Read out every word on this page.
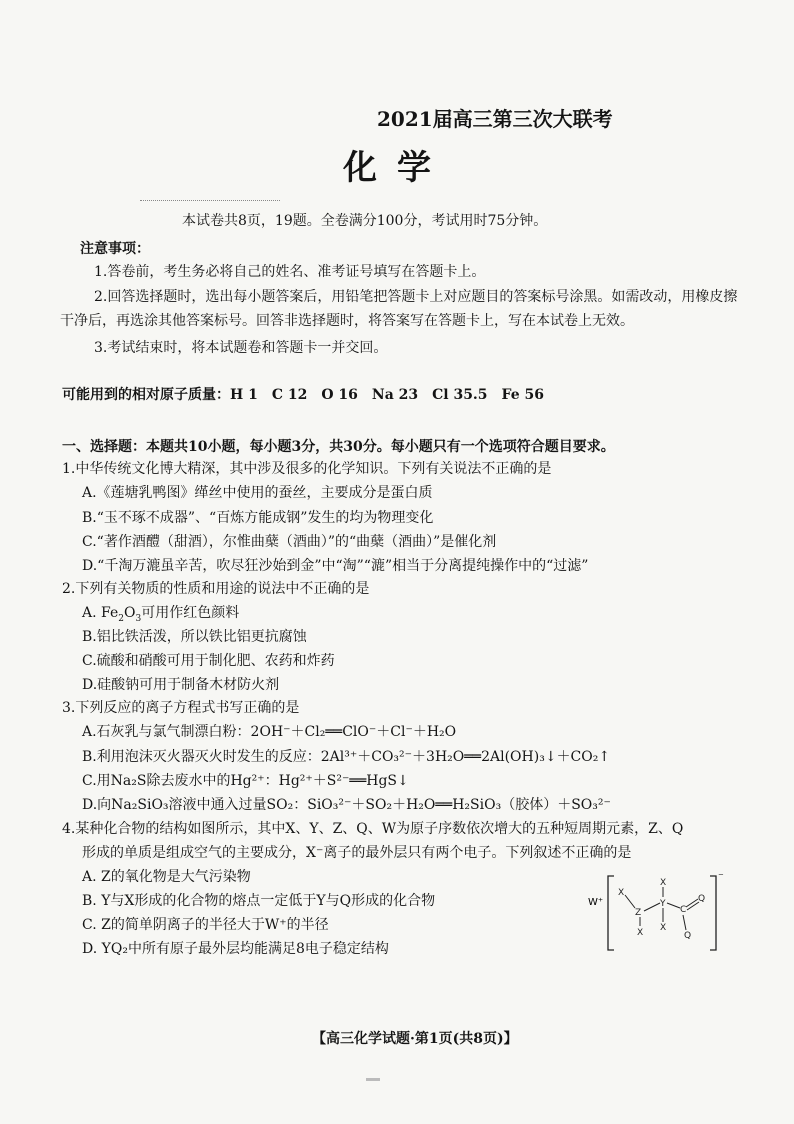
2021届高三第三次大联考
化学
本试卷共8页，19题。全卷满分100分，考试用时75分钟。
注意事项：
1.答卷前，考生务必将自己的姓名、准考证号填写在答题卡上。
2.回答选择题时，选出每小题答案后，用铅笔把答题卡上对应题目的答案标号涂黑。如需改动，用橡皮擦干净后，再选涂其他答案标号。回答非选择题时，将答案写在答题卡上，写在本试卷上无效。
3.考试结束时，将本试题卷和答题卡一并交回。
可能用到的相对原子质量：H 1　C 12　O 16　Na 23　Cl 35.5　Fe 56
一、选择题：本题共10小题，每小题3分，共30分。每小题只有一个选项符合题目要求。
1.中华传统文化博大精深，其中涉及很多的化学知识。下列有关说法不正确的是
A.《莲塘乳鸭图》缂丝中使用的蚕丝，主要成分是蛋白质
B.“玉不琢不成器”、“百炼方能成钢”发生的均为物理变化
C.“著作酒醴（甜酒），尔惟曲蘖（酒曲）”的“曲蘖（酒曲）”是催化剂
D.“千淘万漉虽辛苦，吹尽狂沙始到金”中“淘”“漉”相当于分离提纯操作中的“过滤”
2.下列有关物质的性质和用途的说法中不正确的是
A. $Fe_2O_3$可用作红色颜料
B.铝比铁活泼，所以铁比铝更抗腐蚀
C.硫酸和硝酸可用于制化肥、农药和炸药
D.硅酸钠可用于制备木材防火剂
3.下列反应的离子方程式书写正确的是
A.石灰乳与氯气制漂白粉：2OH⁻＋Cl₂══ClO⁻＋Cl⁻＋H₂O
B.利用泡沫灭火器灭火时发生的反应：2Al³⁺＋CO₃²⁻＋3H₂O══2Al(OH)₃↓＋CO₂↑
C.用Na₂S除去废水中的Hg²⁺：Hg²⁺＋S²⁻══HgS↓
D.向Na₂SiO₃溶液中通入过量SO₂：SiO₃²⁻＋SO₂＋H₂O══H₂SiO₃（胶体）＋SO₃²⁻
4.某种化合物的结构如图所示，其中X、Y、Z、Q、W为原子序数依次增大的五种短周期元素，Z、Q
形成的单质是组成空气的主要成分，X⁻离子的最外层只有两个电子。下列叙述不正确的是
A. Z的氧化物是大气污染物
B. Y与X形成的化合物的熔点一定低于Y与Q形成的化合物
C. Z的简单阴离子的半径大于W⁺的半径
D. YQ₂中所有原子最外层均能满足8电子稳定结构
W⁺
⁻
X
Z
X
X
Y
X
C
Q
Q
【高三化学试题·第1页(共8页)】
